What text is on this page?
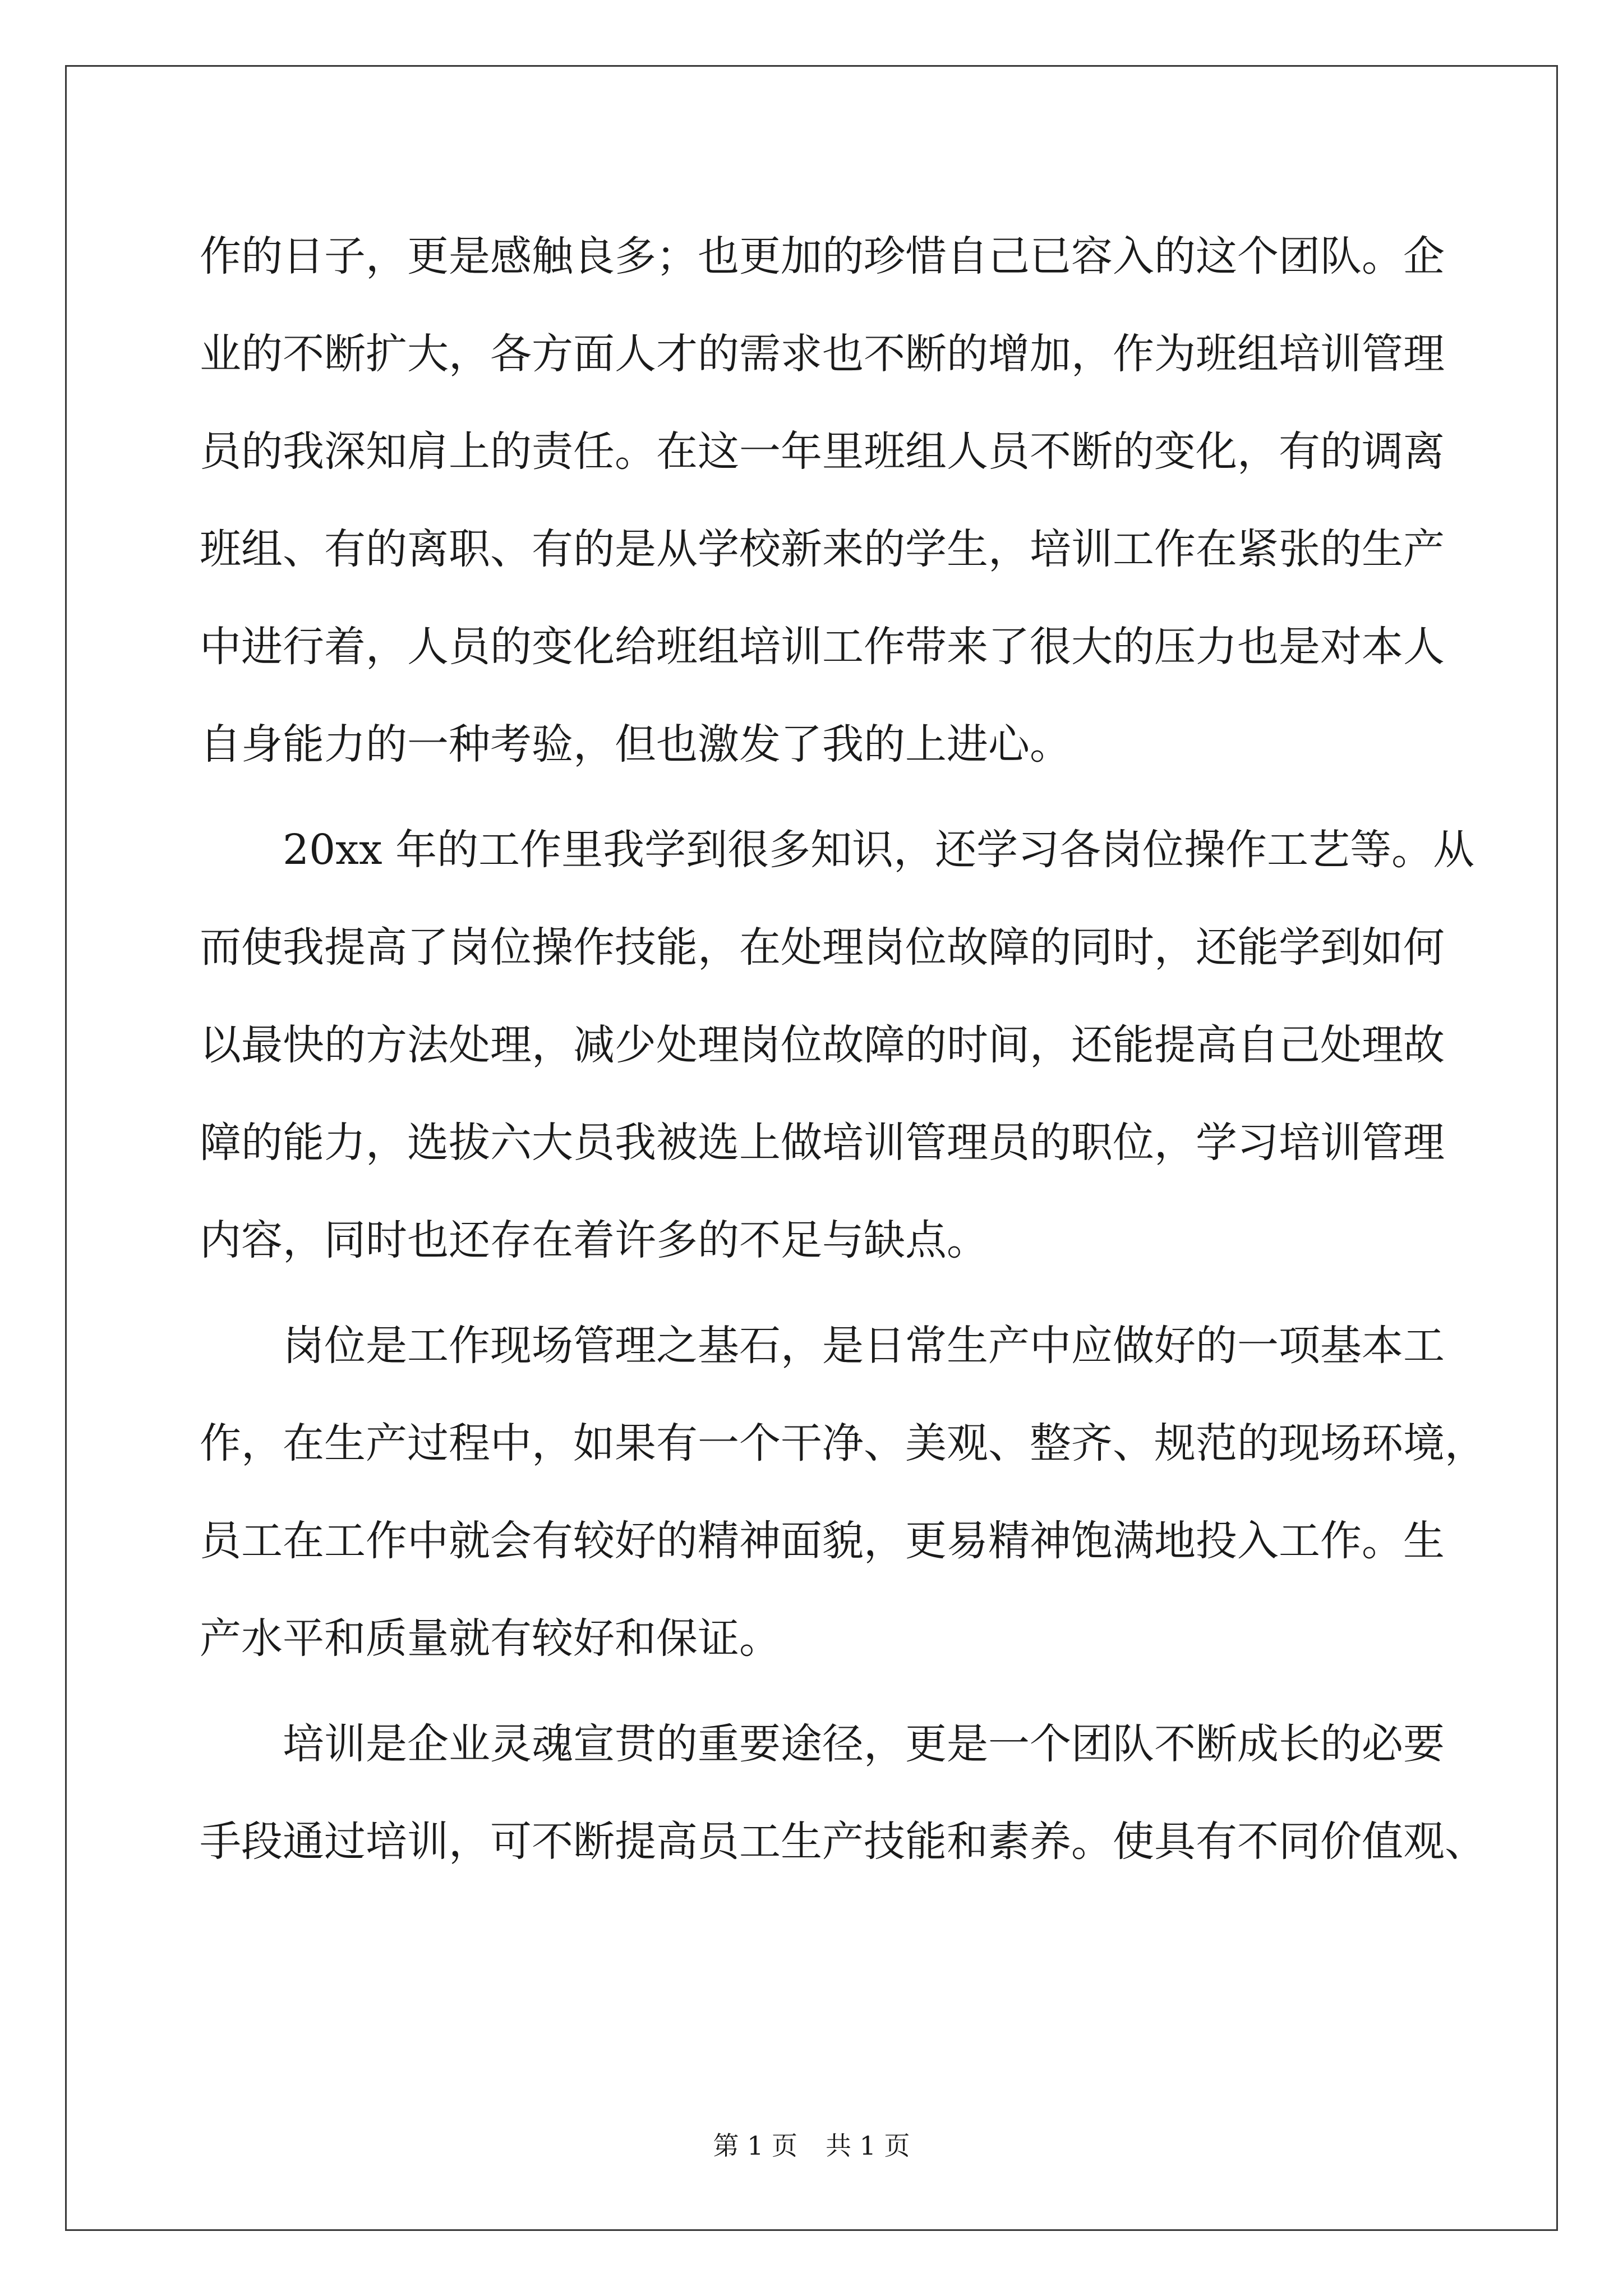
作的日子，更是感触良多；也更加的珍惜自己已容入的这个团队。企
业的不断扩大，各方面人才的需求也不断的增加，作为班组培训管理
员的我深知肩上的责任。在这一年里班组人员不断的变化，有的调离
班组、有的离职、有的是从学校新来的学生，培训工作在紧张的生产
中进行着，人员的变化给班组培训工作带来了很大的压力也是对本人
自身能力的一种考验，但也激发了我的上进心。
20xx 年的工作里我学到很多知识，还学习各岗位操作工艺等。从
而使我提高了岗位操作技能，在处理岗位故障的同时，还能学到如何
以最快的方法处理，减少处理岗位故障的时间，还能提高自己处理故
障的能力，选拔六大员我被选上做培训管理员的职位，学习培训管理
内容，同时也还存在着许多的不足与缺点。
岗位是工作现场管理之基石，是日常生产中应做好的一项基本工
作，在生产过程中，如果有一个干净、美观、整齐、规范的现场环境，
员工在工作中就会有较好的精神面貌，更易精神饱满地投入工作。生
产水平和质量就有较好和保证。
培训是企业灵魂宣贯的重要途径，更是一个团队不断成长的必要
手段通过培训，可不断提高员工生产技能和素养。使具有不同价值观、
第 1 页 共 1 页
